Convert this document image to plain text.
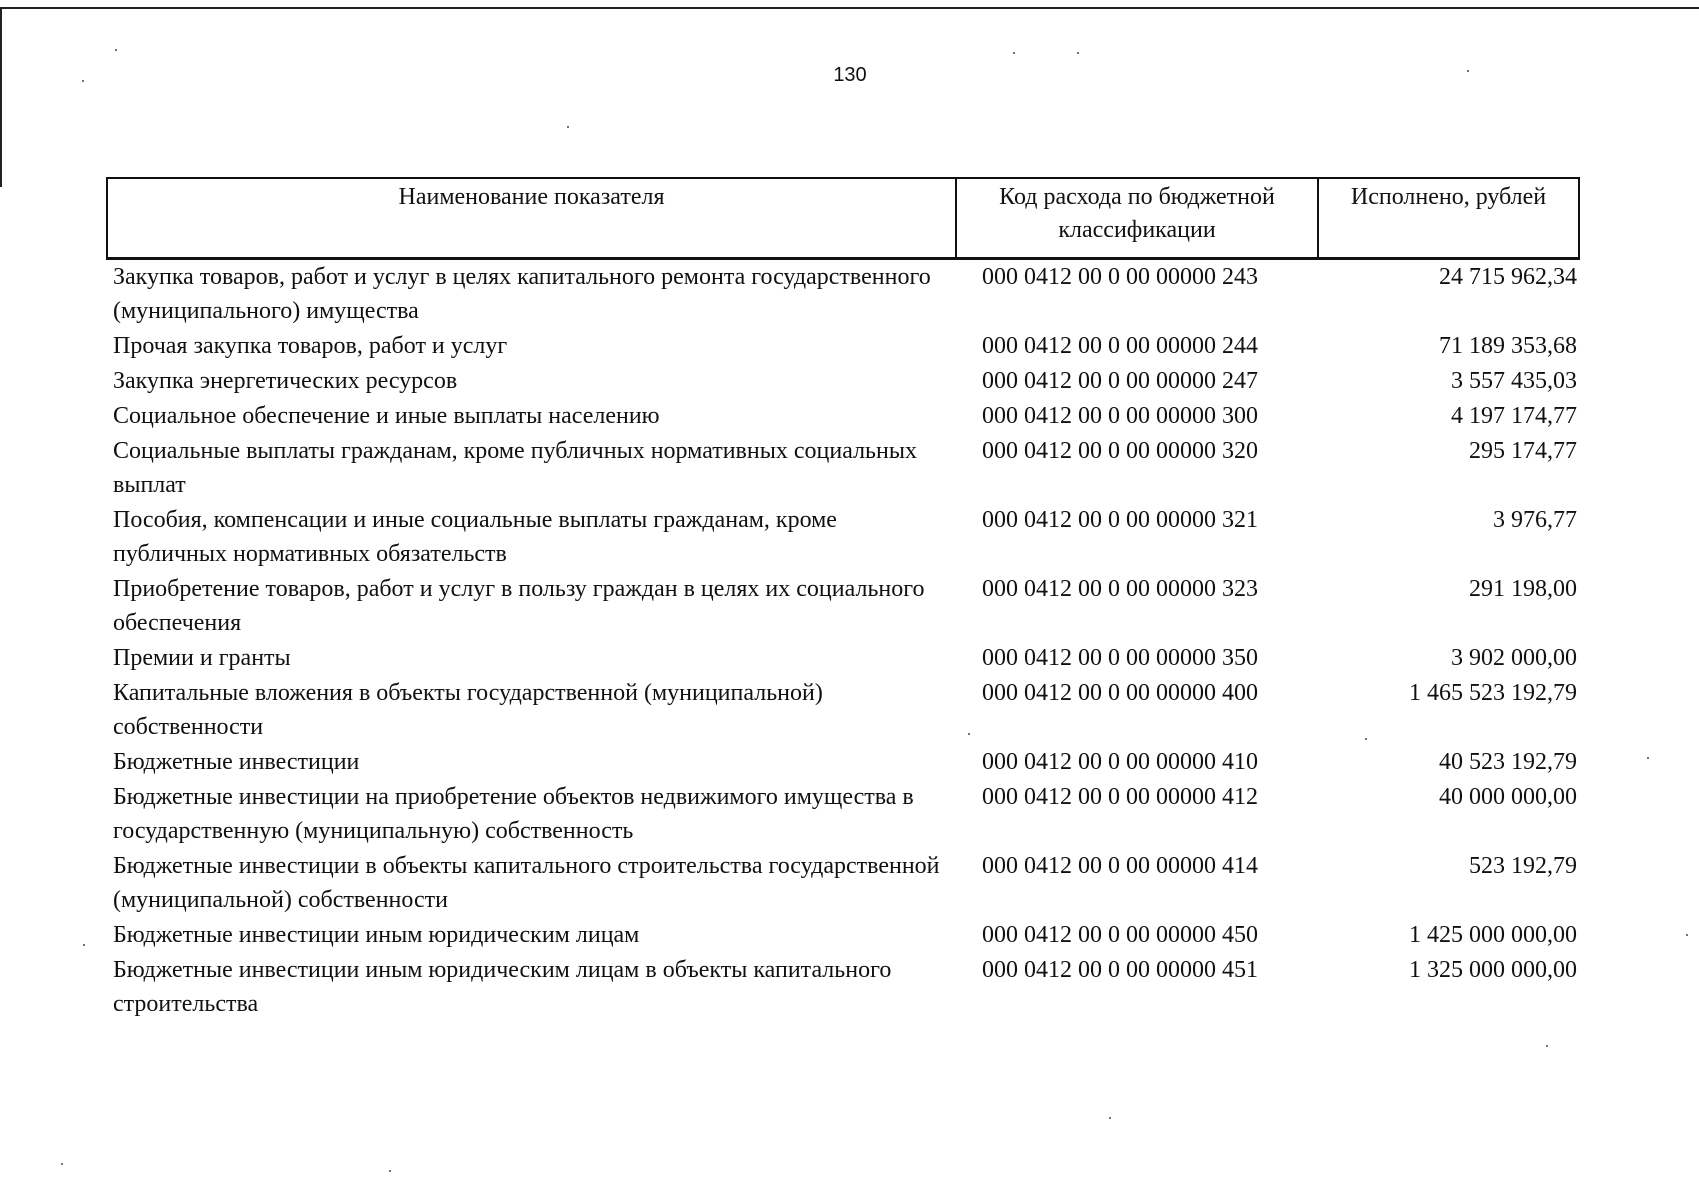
130
Наименование показателя	Код расхода по бюджетной классификации	Исполнено, рублей
Закупка товаров, работ и услуг в целях капитального ремонта государственного (муниципального) имущества	000 0412 00 0 00 00000 243	24 715 962,34
Прочая закупка товаров, работ и услуг	000 0412 00 0 00 00000 244	71 189 353,68
Закупка энергетических ресурсов	000 0412 00 0 00 00000 247	3 557 435,03
Социальное обеспечение и иные выплаты населению	000 0412 00 0 00 00000 300	4 197 174,77
Социальные выплаты гражданам, кроме публичных нормативных социальных выплат	000 0412 00 0 00 00000 320	295 174,77
Пособия, компенсации и иные социальные выплаты гражданам, кроме публичных нормативных обязательств	000 0412 00 0 00 00000 321	3 976,77
Приобретение товаров, работ и услуг в пользу граждан в целях их социального обеспечения	000 0412 00 0 00 00000 323	291 198,00
Премии и гранты	000 0412 00 0 00 00000 350	3 902 000,00
Капитальные вложения в объекты государственной (муниципальной) собственности	000 0412 00 0 00 00000 400	1 465 523 192,79
Бюджетные инвестиции	000 0412 00 0 00 00000 410	40 523 192,79
Бюджетные инвестиции на приобретение объектов недвижимого имущества в государственную (муниципальную) собственность	000 0412 00 0 00 00000 412	40 000 000,00
Бюджетные инвестиции в объекты капитального строительства государственной (муниципальной) собственности	000 0412 00 0 00 00000 414	523 192,79
Бюджетные инвестиции иным юридическим лицам	000 0412 00 0 00 00000 450	1 425 000 000,00
Бюджетные инвестиции иным юридическим лицам в объекты капитального строительства	000 0412 00 0 00 00000 451	1 325 000 000,00
